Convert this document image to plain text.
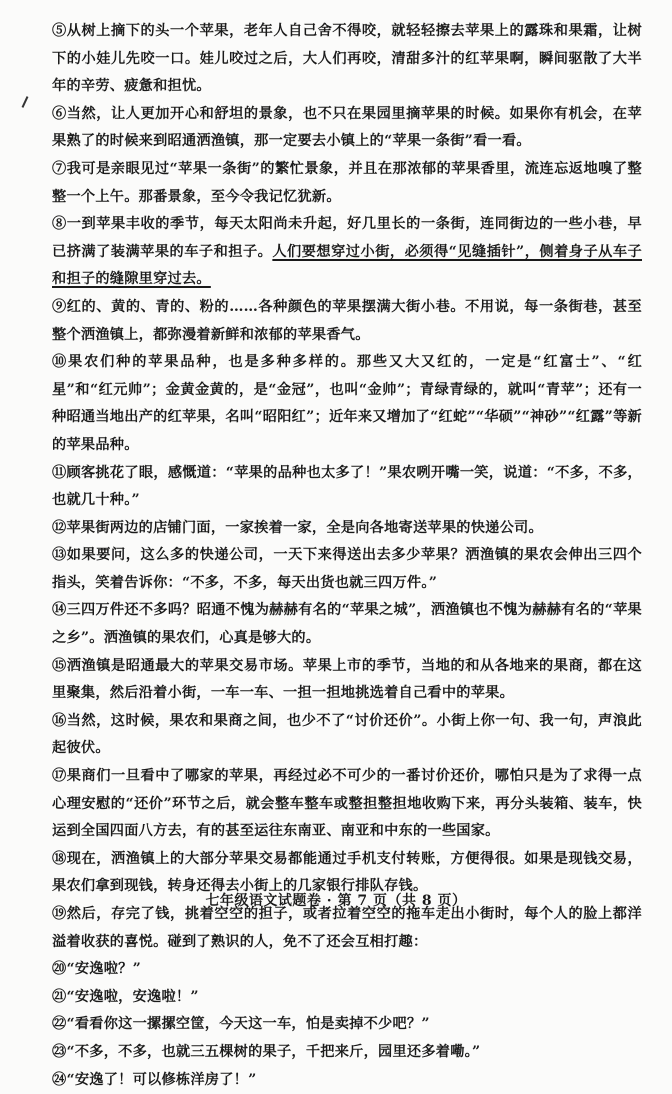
⑤从树上摘下的头一个苹果，老年人自己舍不得咬，就轻轻擦去苹果上的露珠和果霜，让树下的小娃儿先咬一口。娃儿咬过之后，大人们再咬，清甜多汁的红苹果啊，瞬间驱散了大半年的辛劳、疲惫和担忧。

⑥当然，让人更加开心和舒坦的景象，也不只在果园里摘苹果的时候。如果你有机会，在苹果熟了的时候来到昭通洒渔镇，那一定要去小镇上的“苹果一条街”看一看。

⑦我可是亲眼见过“苹果一条街”的繁忙景象，并且在那浓郁的苹果香里，流连忘返地嗅了整整一个上午。那番景象，至今令我记忆犹新。

⑧一到苹果丰收的季节，每天太阳尚未升起，好几里长的一条街，连同街边的一些小巷，早已挤满了装满苹果的车子和担子。人们要想穿过小街，必须得“见缝插针”，侧着身子从车子和担子的缝隙里穿过去。

⑨红的、黄的、青的、粉的……各种颜色的苹果摆满大街小巷。不用说，每一条街巷，甚至整个洒渔镇上，都弥漫着新鲜和浓郁的苹果香气。

⑩果农们种的苹果品种，也是多种多样的。那些又大又红的，一定是“红富士”、“红星”和“红元帅”；金黄金黄的，是“金冠”，也叫“金帅”；青绿青绿的，就叫“青苹”；还有一种昭通当地出产的红苹果，名叫“昭阳红”；近年来又增加了“红蛇”“华硕”“神砂”“红露”等新的苹果品种。

⑪顾客挑花了眼，感慨道：“苹果的品种也太多了！”果农咧开嘴一笑，说道：“不多，不多，也就几十种。”

⑫苹果街两边的店铺门面，一家挨着一家，全是向各地寄送苹果的快递公司。

⑬如果要问，这么多的快递公司，一天下来得送出去多少苹果？洒渔镇的果农会伸出三四个指头，笑着告诉你：“不多，不多，每天出货也就三四万件。”

⑭三四万件还不多吗？昭通不愧为赫赫有名的“苹果之城”，洒渔镇也不愧为赫赫有名的“苹果之乡”。洒渔镇的果农们，心真是够大的。

⑮洒渔镇是昭通最大的苹果交易市场。苹果上市的季节，当地的和从各地来的果商，都在这里聚集，然后沿着小街，一车一车、一担一担地挑选着自己看中的苹果。

⑯当然，这时候，果农和果商之间，也少不了“讨价还价”。小街上你一句、我一句，声浪此起彼伏。

⑰果商们一旦看中了哪家的苹果，再经过必不可少的一番讨价还价，哪怕只是为了求得一点心理安慰的“还价”环节之后，就会整车整车或整担整担地收购下来，再分头装箱、装车，快运到全国四面八方去，有的甚至运往东南亚、南亚和中东的一些国家。

⑱现在，洒渔镇上的大部分苹果交易都能通过手机支付转账，方便得很。如果是现钱交易，果农们拿到现钱，转身还得去小街上的几家银行排队存钱。

⑲然后，存完了钱，挑着空空的担子，或者拉着空空的拖车走出小街时，每个人的脸上都洋溢着收获的喜悦。碰到了熟识的人，免不了还会互相打趣：

⑳“安逸啦？”

㉑“安逸啦，安逸啦！”

㉒“看看你这一摞摞空筐，今天这一车，怕是卖掉不少吧？”

㉓“不多，不多，也就三五棵树的果子，千把来斤，园里还多着嘞。”

㉔“安逸了！可以修栋洋房了！”

七年级语文试题卷 · 第 7 页（共 8 页）
